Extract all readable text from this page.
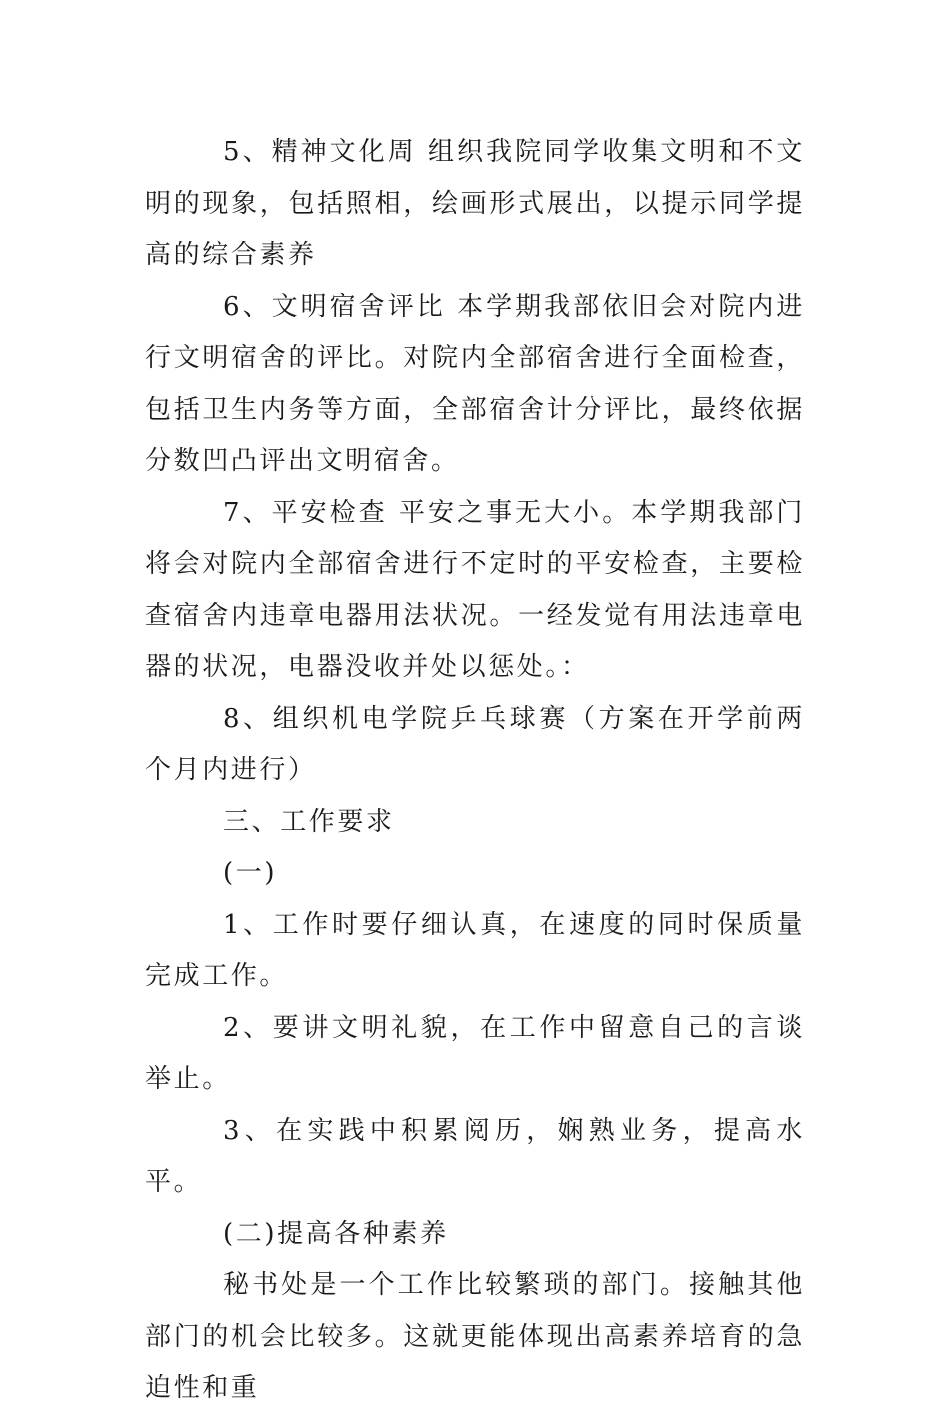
5、精神文化周 组织我院同学收集文明和不文明的现象，包括照相，绘画形式展出，以提示同学提高的综合素养

6、文明宿舍评比 本学期我部依旧会对院内进行文明宿舍的评比。对院内全部宿舍进行全面检查，包括卫生内务等方面，全部宿舍计分评比，最终依据分数凹凸评出文明宿舍。

7、平安检查 平安之事无大小。本学期我部门将会对院内全部宿舍进行不定时的平安检查，主要检查宿舍内违章电器用法状况。一经发觉有用法违章电器的状况，电器没收并处以惩处。：

8、组织机电学院乒乓球赛（方案在开学前两个月内进行）

三、工作要求

(一)

1、工作时要仔细认真，在速度的同时保质量完成工作。

2、要讲文明礼貌，在工作中留意自己的言谈举止。

3、在实践中积累阅历，娴熟业务，提高水平。

(二)提高各种素养

秘书处是一个工作比较繁琐的部门。接触其他部门的机会比较多。这就更能体现出高素养培育的急迫性和重
